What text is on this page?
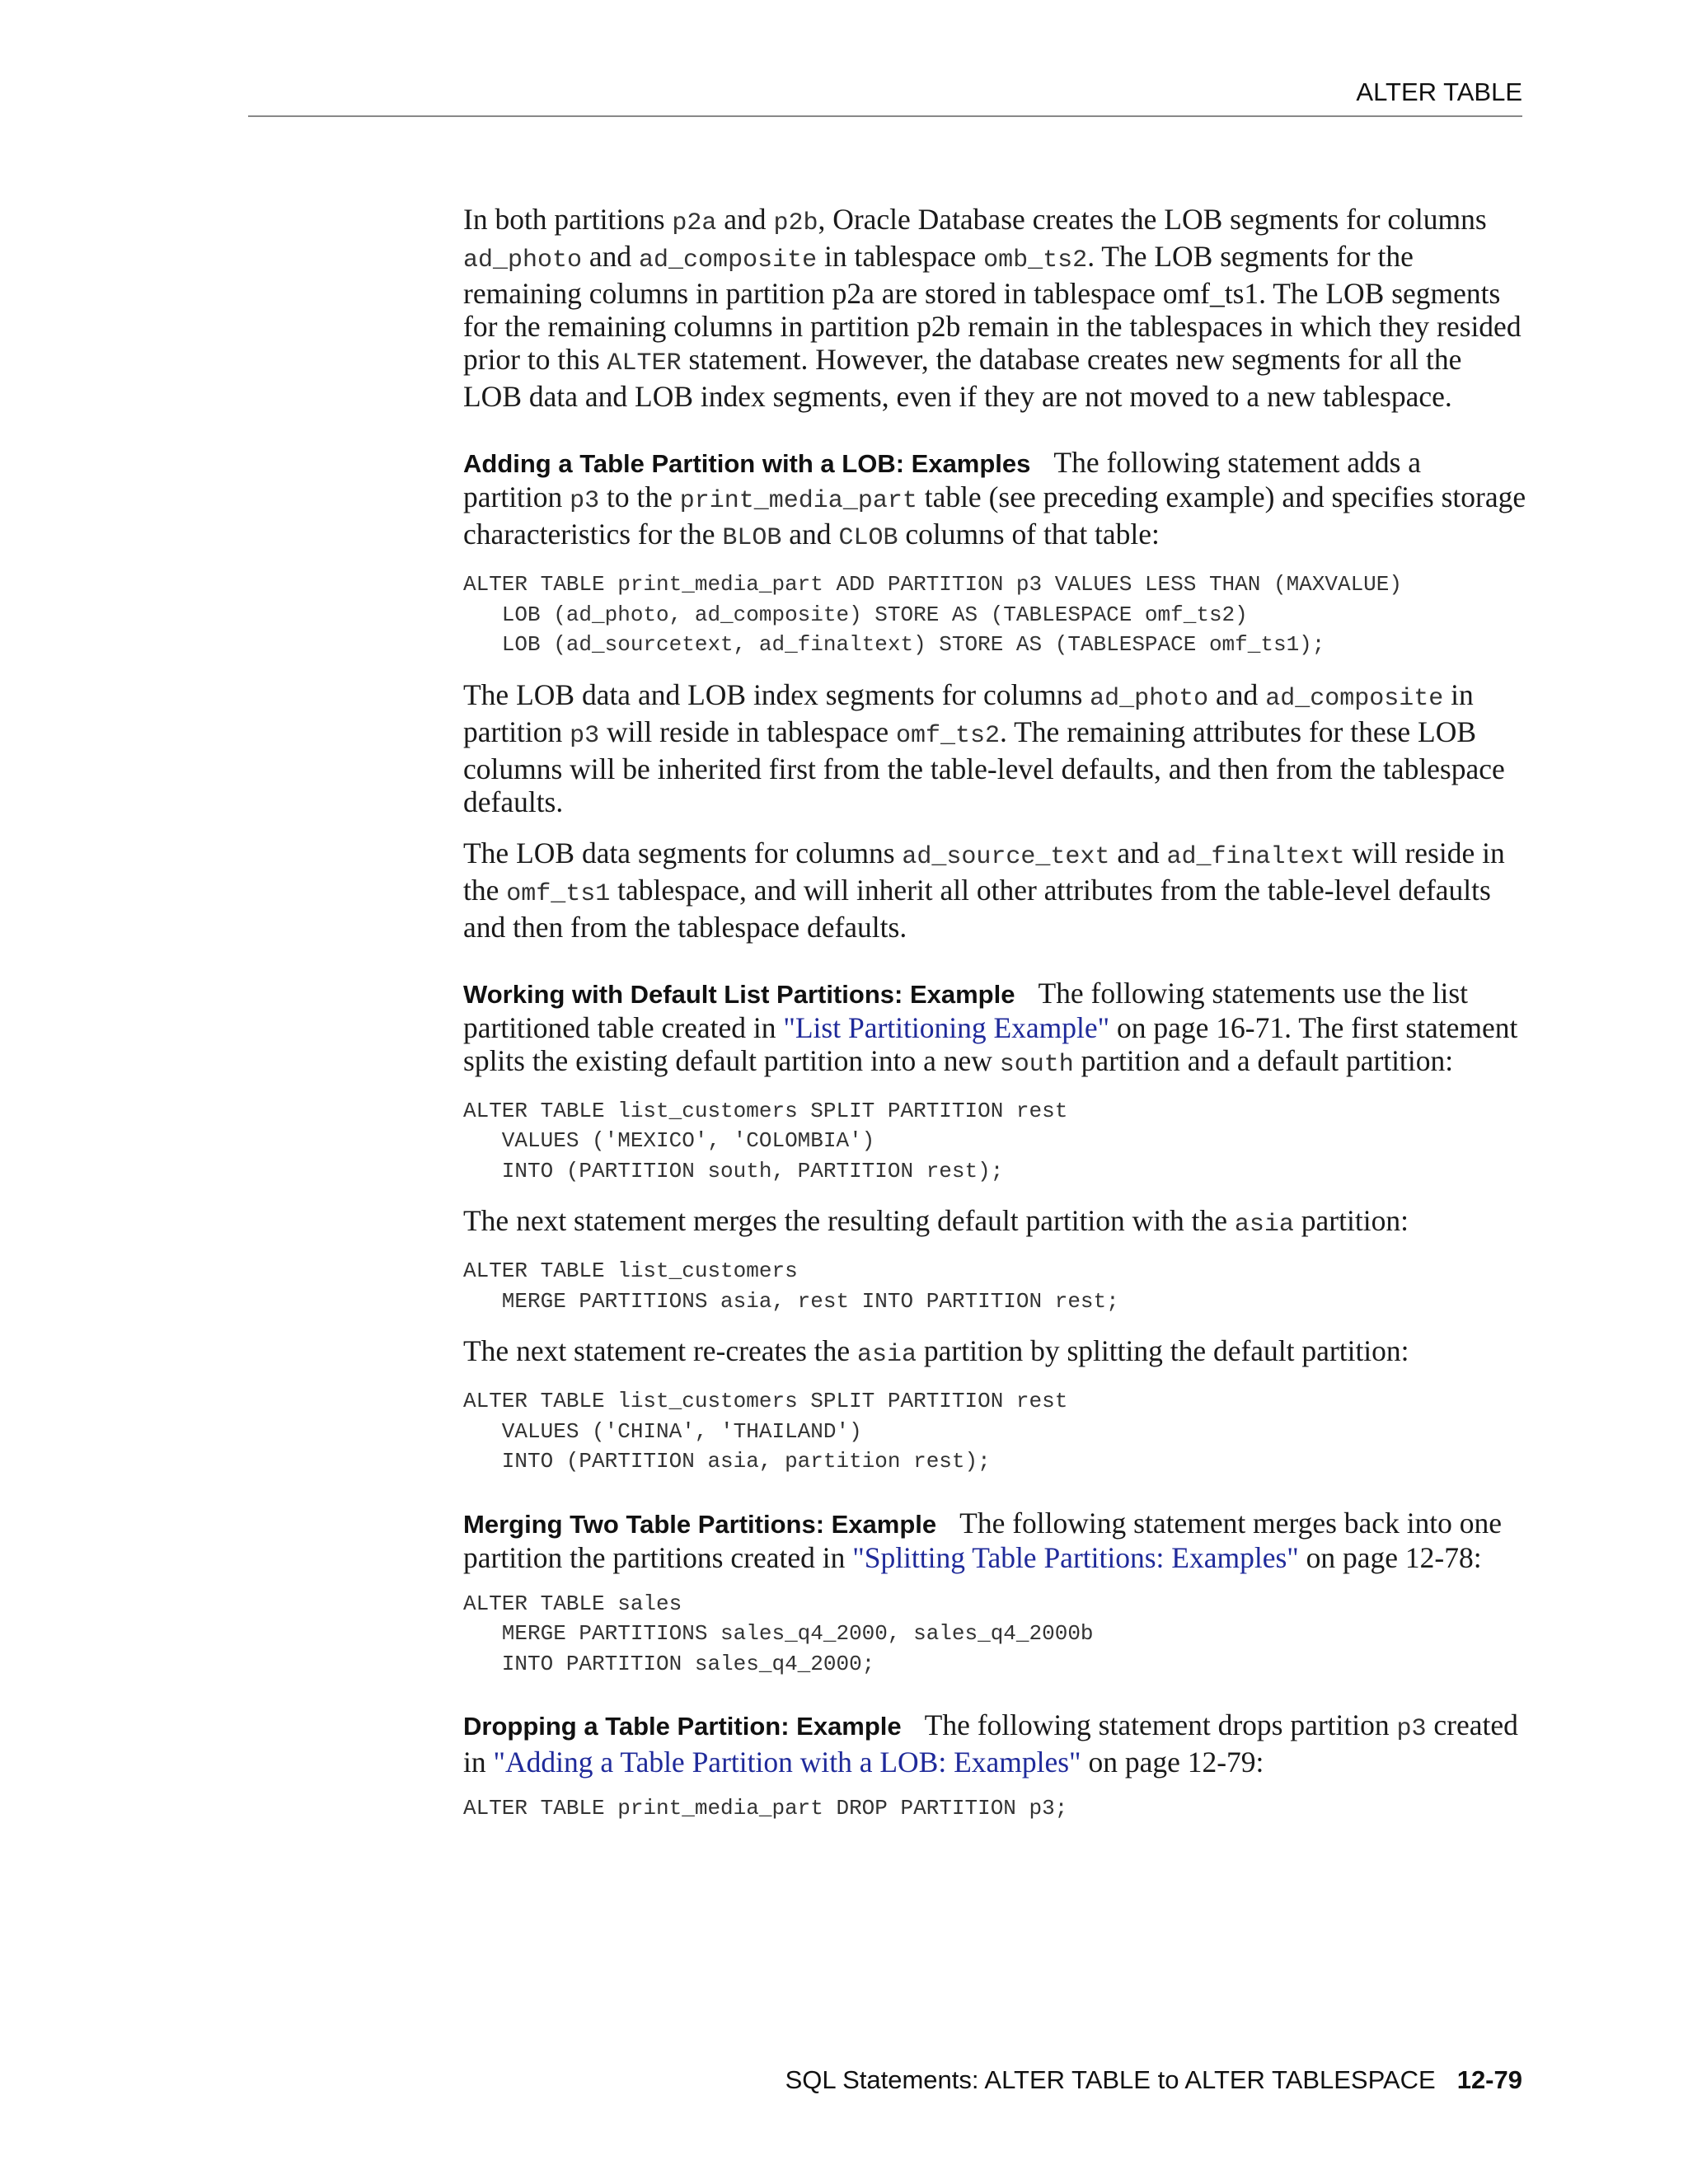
ALTER TABLE

In both partitions p2a and p2b, Oracle Database creates the LOB segments for columns ad_photo and ad_composite in tablespace omb_ts2. The LOB segments for the remaining columns in partition p2a are stored in tablespace omf_ts1. The LOB segments for the remaining columns in partition p2b remain in the tablespaces in which they resided prior to this ALTER statement. However, the database creates new segments for all the LOB data and LOB index segments, even if they are not moved to a new tablespace.

Adding a Table Partition with a LOB: Examples The following statement adds a partition p3 to the print_media_part table (see preceding example) and specifies storage characteristics for the BLOB and CLOB columns of that table:

ALTER TABLE print_media_part ADD PARTITION p3 VALUES LESS THAN (MAXVALUE)
LOB (ad_photo, ad_composite) STORE AS (TABLESPACE omf_ts2)
LOB (ad_sourcetext, ad_finaltext) STORE AS (TABLESPACE omf_ts1);

The LOB data and LOB index segments for columns ad_photo and ad_composite in partition p3 will reside in tablespace omf_ts2. The remaining attributes for these LOB columns will be inherited first from the table-level defaults, and then from the tablespace defaults.

The LOB data segments for columns ad_source_text and ad_finaltext will reside in the omf_ts1 tablespace, and will inherit all other attributes from the table-level defaults and then from the tablespace defaults.

Working with Default List Partitions: Example The following statements use the list partitioned table created in "List Partitioning Example" on page 16-71. The first statement splits the existing default partition into a new south partition and a default partition:

ALTER TABLE list_customers SPLIT PARTITION rest
VALUES ('MEXICO', 'COLOMBIA')
INTO (PARTITION south, PARTITION rest);

The next statement merges the resulting default partition with the asia partition:

ALTER TABLE list_customers
MERGE PARTITIONS asia, rest INTO PARTITION rest;

The next statement re-creates the asia partition by splitting the default partition:

ALTER TABLE list_customers SPLIT PARTITION rest
VALUES ('CHINA', 'THAILAND')
INTO (PARTITION asia, partition rest);

Merging Two Table Partitions: Example The following statement merges back into one partition the partitions created in "Splitting Table Partitions: Examples" on page 12-78:

ALTER TABLE sales
MERGE PARTITIONS sales_q4_2000, sales_q4_2000b
INTO PARTITION sales_q4_2000;

Dropping a Table Partition: Example The following statement drops partition p3 created in "Adding a Table Partition with a LOB: Examples" on page 12-79:

ALTER TABLE print_media_part DROP PARTITION p3;
SQL Statements: ALTER TABLE to ALTER TABLESPACE 12-79
